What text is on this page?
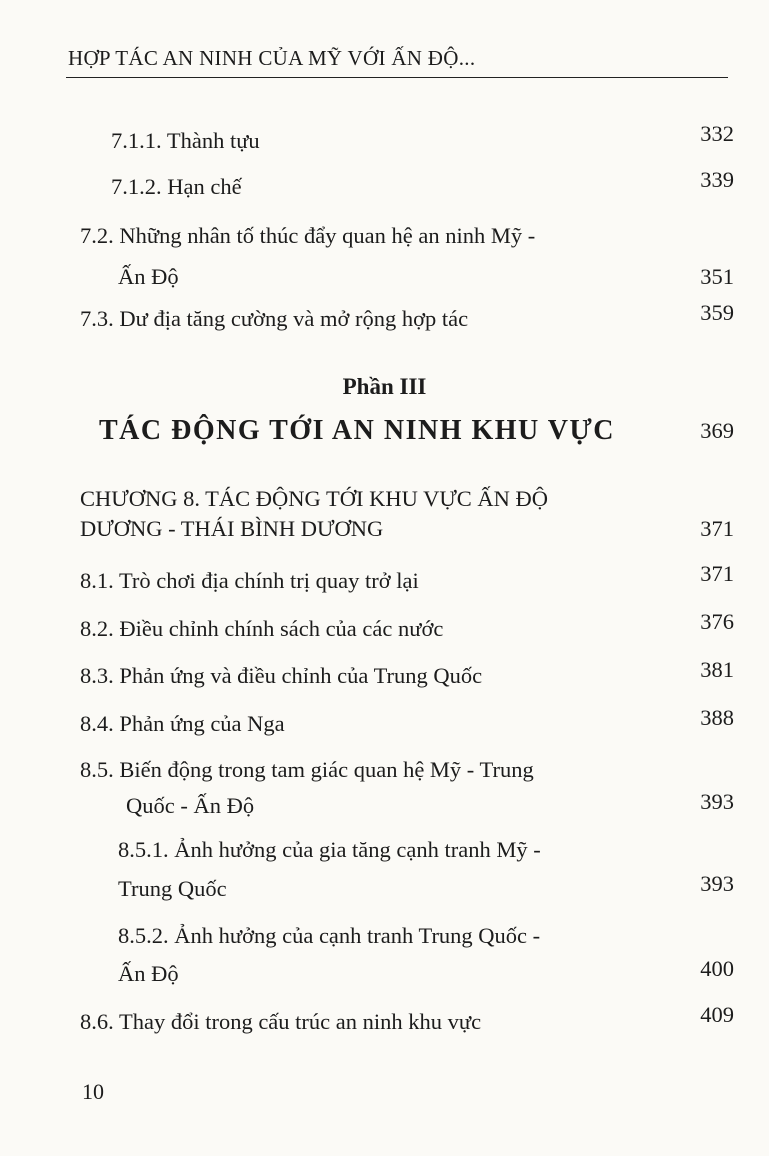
HỢP TÁC AN NINH CỦA MỸ VỚI ẤN ĐỘ...
7.1.1. Thành tựu	332
7.1.2. Hạn chế	339
7.2. Những nhân tố thúc đẩy quan hệ an ninh Mỹ -
Ấn Độ	351
7.3. Dư địa tăng cường và mở rộng hợp tác	359
Phần III
TÁC ĐỘNG TỚI AN NINH KHU VỰC	369
CHƯƠNG 8. TÁC ĐỘNG TỚI KHU VỰC ẤN ĐỘ
DƯƠNG - THÁI BÌNH DƯƠNG	371
8.1. Trò chơi địa chính trị quay trở lại	371
8.2. Điều chỉnh chính sách của các nước	376
8.3. Phản ứng và điều chỉnh của Trung Quốc	381
8.4. Phản ứng của Nga	388
8.5. Biến động trong tam giác quan hệ Mỹ - Trung
Quốc - Ấn Độ	393
8.5.1. Ảnh hưởng của gia tăng cạnh tranh Mỹ -
Trung Quốc	393
8.5.2. Ảnh hưởng của cạnh tranh Trung Quốc -
Ấn Độ	400
8.6. Thay đổi trong cấu trúc an ninh khu vực	409
10
